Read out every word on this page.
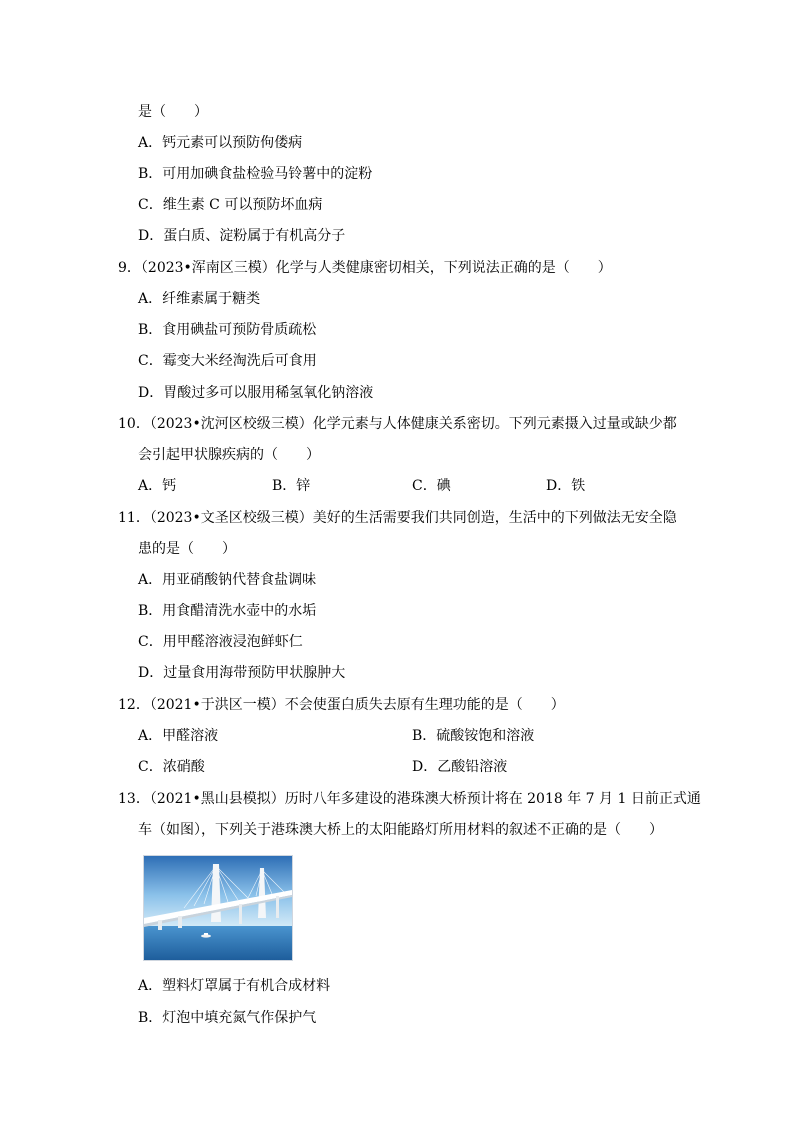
是（　　）
A．钙元素可以预防佝偻病
B．可用加碘食盐检验马铃薯中的淀粉
C．维生素 C 可以预防坏血病
D．蛋白质、淀粉属于有机高分子
9．（2023•浑南区三模）化学与人类健康密切相关，下列说法正确的是（　　）
A．纤维素属于糖类
B．食用碘盐可预防骨质疏松
C．霉变大米经淘洗后可食用
D．胃酸过多可以服用稀氢氧化钠溶液
10．（2023•沈河区校级三模）化学元素与人体健康关系密切。下列元素摄入过量或缺少都
会引起甲状腺疾病的（　　）
A．钙	B．锌	C．碘	D．铁
11．（2023•文圣区校级三模）美好的生活需要我们共同创造，生活中的下列做法无安全隐
患的是（　　）
A．用亚硝酸钠代替食盐调味
B．用食醋清洗水壶中的水垢
C．用甲醛溶液浸泡鲜虾仁
D．过量食用海带预防甲状腺肿大
12．（2021•于洪区一模）不会使蛋白质失去原有生理功能的是（　　）
A．甲醛溶液	B．硫酸铵饱和溶液
C．浓硝酸	D．乙酸铅溶液
13．（2021•黑山县模拟）历时八年多建设的港珠澳大桥预计将在 2018 年 7 月 1 日前正式通
车（如图），下列关于港珠澳大桥上的太阳能路灯所用材料的叙述不正确的是（　　）
A．塑料灯罩属于有机合成材料
B．灯泡中填充氮气作保护气
